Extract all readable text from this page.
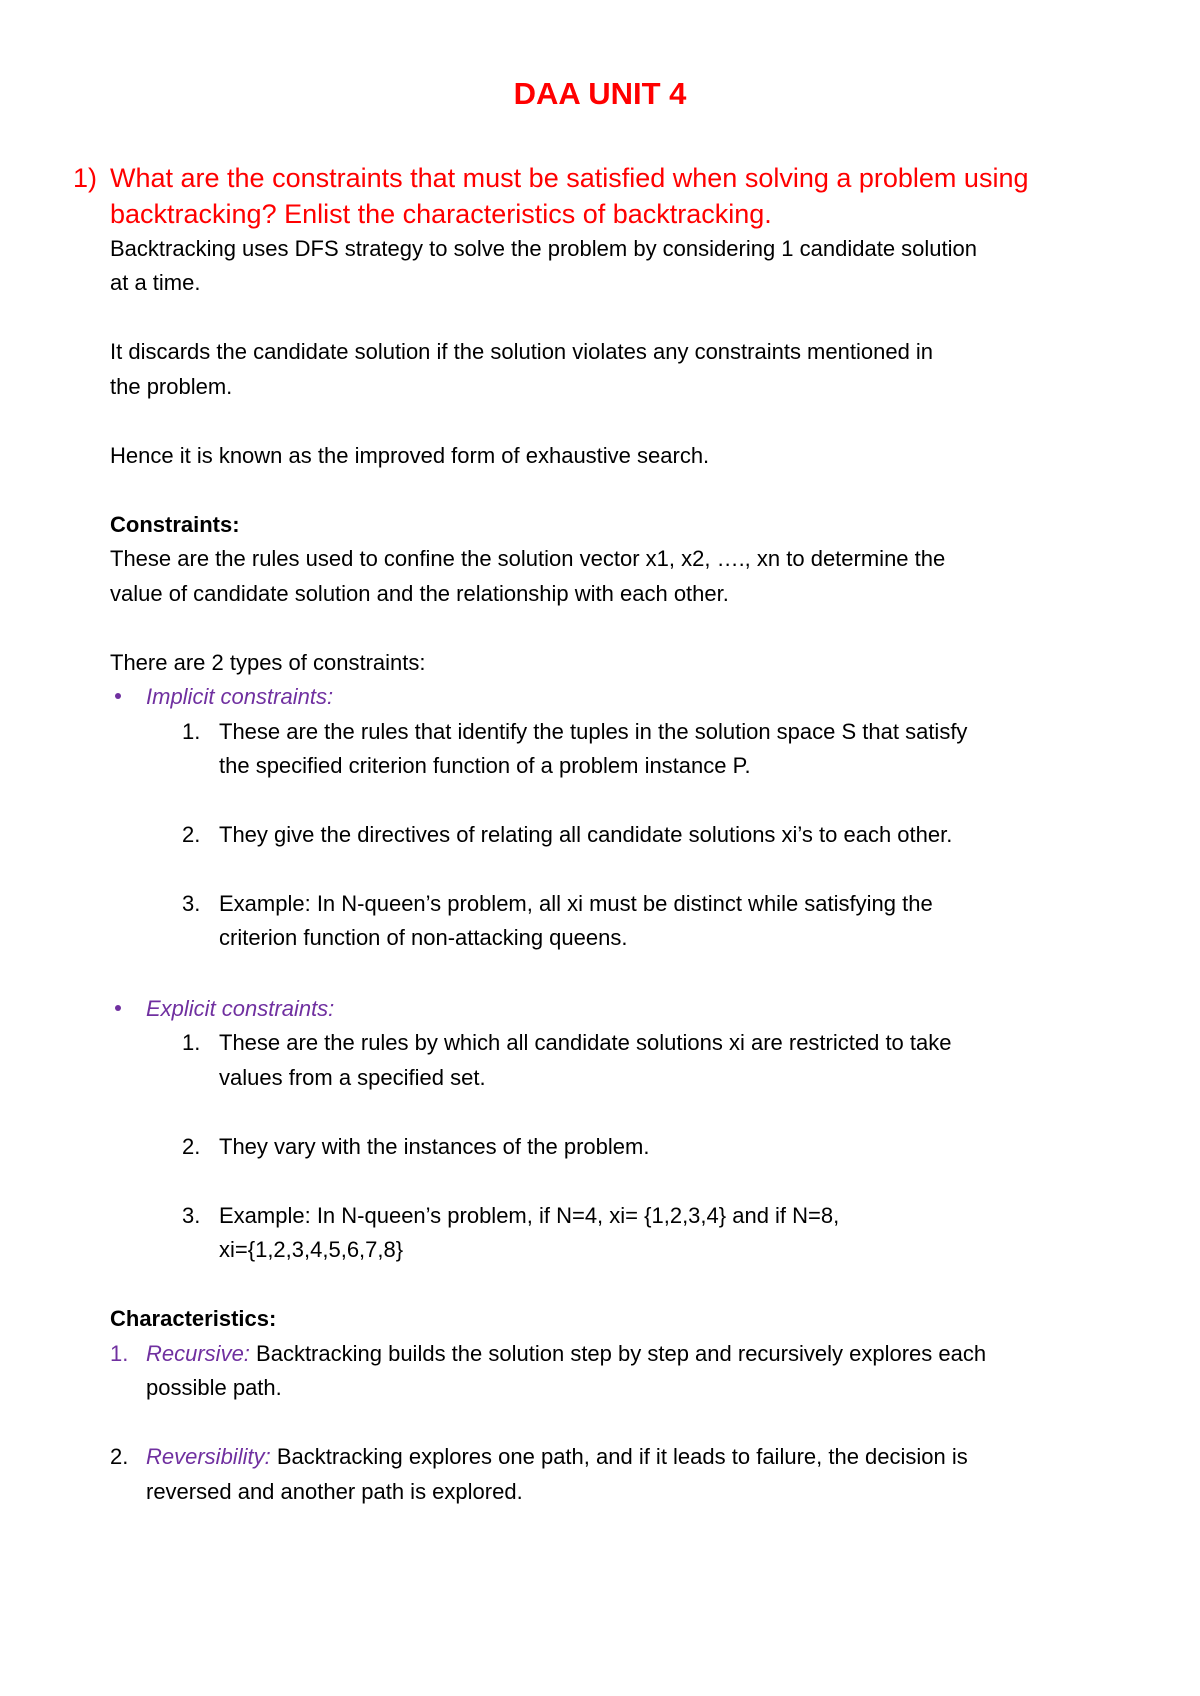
DAA UNIT 4
1) What are the constraints that must be satisfied when solving a problem using
backtracking? Enlist the characteristics of backtracking.
Backtracking uses DFS strategy to solve the problem by considering 1 candidate solution
at a time.
It discards the candidate solution if the solution violates any constraints mentioned in
the problem.
Hence it is known as the improved form of exhaustive search.
Constraints:
These are the rules used to confine the solution vector x1, x2, …., xn to determine the
value of candidate solution and the relationship with each other.
There are 2 types of constraints:
Implicit constraints:
1. These are the rules that identify the tuples in the solution space S that satisfy
the specified criterion function of a problem instance P.
2. They give the directives of relating all candidate solutions xi’s to each other.
3. Example: In N-queen’s problem, all xi must be distinct while satisfying the
criterion function of non-attacking queens.
Explicit constraints:
1. These are the rules by which all candidate solutions xi are restricted to take
values from a specified set.
2. They vary with the instances of the problem.
3. Example: In N-queen’s problem, if N=4, xi= {1,2,3,4} and if N=8,
xi={1,2,3,4,5,6,7,8}
Characteristics:
1. Recursive: Backtracking builds the solution step by step and recursively explores each
possible path.
2. Reversibility: Backtracking explores one path, and if it leads to failure, the decision is
reversed and another path is explored.
